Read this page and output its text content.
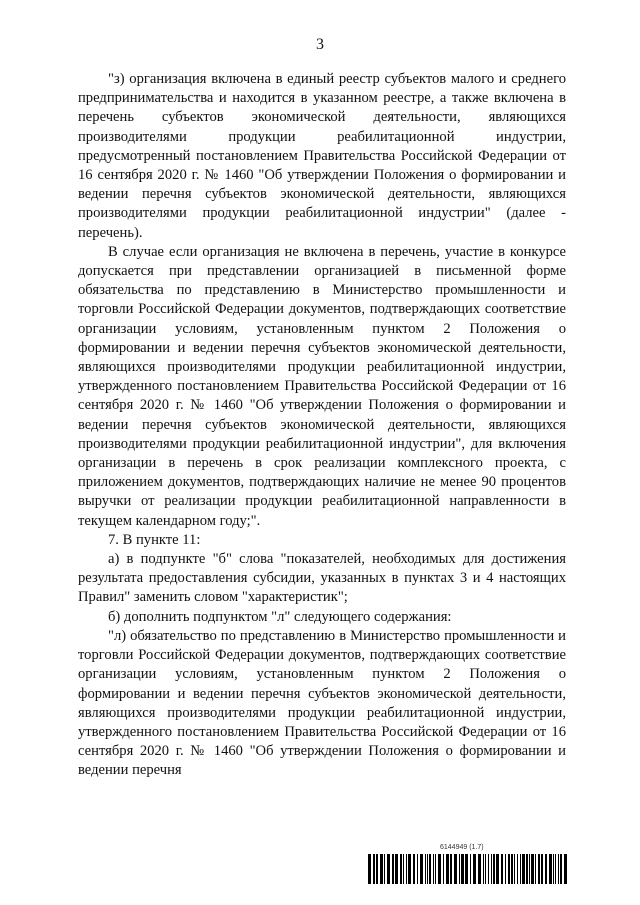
3

"з) организация включена в единый реестр субъектов малого и среднего предпринимательства и находится в указанном реестре, а также включена в перечень субъектов экономической деятельности, являющихся производителями продукции реабилитационной индустрии, предусмотренный постановлением Правительства Российской Федерации от 16 сентября 2020 г. № 1460 "Об утверждении Положения о формировании и ведении перечня субъектов экономической деятельности, являющихся производителями продукции реабилитационной индустрии" (далее - перечень).

В случае если организация не включена в перечень, участие в конкурсе допускается при представлении организацией в письменной форме обязательства по представлению в Министерство промышленности и торговли Российской Федерации документов, подтверждающих соответствие организации условиям, установленным пунктом 2 Положения о формировании и ведении перечня субъектов экономической деятельности, являющихся производителями продукции реабилитационной индустрии, утвержденного постановлением Правительства Российской Федерации от 16 сентября 2020 г. № 1460 "Об утверждении Положения о формировании и ведении перечня субъектов экономической деятельности, являющихся производителями продукции реабилитационной индустрии", для включения организации в перечень в срок реализации комплексного проекта, с приложением документов, подтверждающих наличие не менее 90 процентов выручки от реализации продукции реабилитационной направленности в текущем календарном году;".

7. В пункте 11:

а) в подпункте "б" слова "показателей, необходимых для достижения результата предоставления субсидии, указанных в пунктах 3 и 4 настоящих Правил" заменить словом "характеристик";

б) дополнить подпунктом "л" следующего содержания:

"л) обязательство по представлению в Министерство промышленности и торговли Российской Федерации документов, подтверждающих соответствие организации условиям, установленным пунктом 2 Положения о формировании и ведении перечня субъектов экономической деятельности, являющихся производителями продукции реабилитационной индустрии, утвержденного постановлением Правительства Российской Федерации от 16 сентября 2020 г. № 1460 "Об утверждении Положения о формировании и ведении перечня

6144949 (1.7)
